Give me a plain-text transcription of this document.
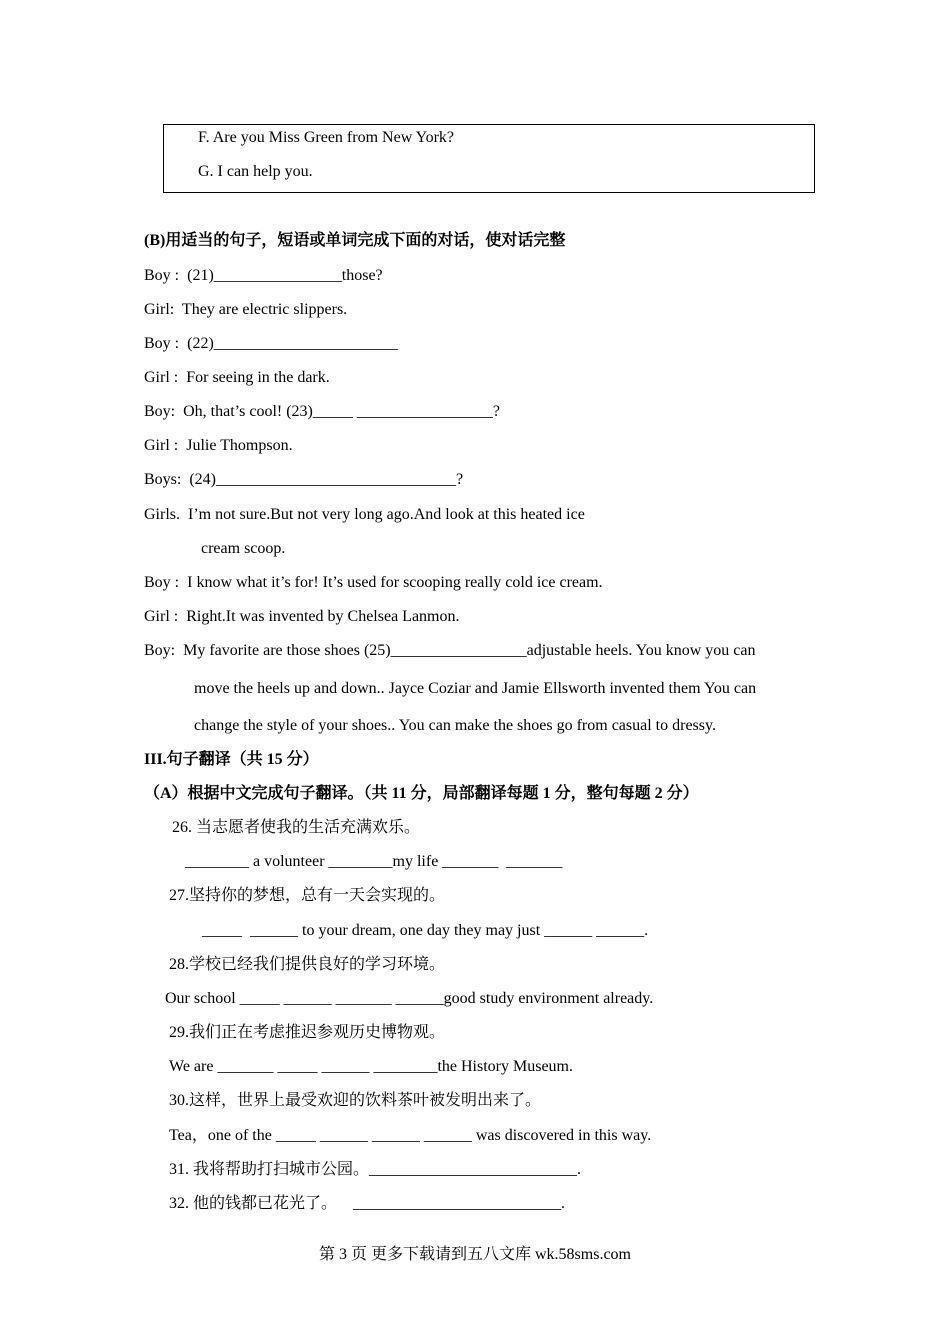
F. Are you Miss Green from New York?
G. I can help you.
(B)用适当的句子，短语或单词完成下面的对话，使对话完整
Boy :  (21)________________those?
Girl:  They are electric slippers.
Boy :  (22)_______________________
Girl :  For seeing in the dark.
Boy:  Oh, that’s cool! (23)_____ _________________?
Girl :  Julie Thompson.
Boys:  (24)______________________________?
Girls.  I’m not sure.But not very long ago.And look at this heated ice
cream scoop.
Boy :  I know what it’s for! It’s used for scooping really cold ice cream.
Girl :  Right.It was invented by Chelsea Lanmon.
Boy:  My favorite are those shoes (25)_________________adjustable heels. You know you can
move the heels up and down.. Jayce Coziar and Jamie Ellsworth invented them You can
change the style of your shoes.. You can make the shoes go from casual to dressy.
III.句子翻译（共 15 分）
（A）根据中文完成句子翻译。（共 11 分，局部翻译每题 1 分，整句每题 2 分）
26. 当志愿者使我的生活充满欢乐。
________ a volunteer ________my life _______  _______
27.坚持你的梦想，总有一天会实现的。
_____  ______ to your dream, one day they may just ______ ______.
28.学校已经我们提供良好的学习环境。
Our school _____ ______ _______ ______good study environment already.
29.我们正在考虑推迟参观历史博物观。
We are _______ _____ ______ ________the History Museum.
30.这样，世界上最受欢迎的饮料茶叶被发明出来了。
Tea，one of the _____ ______ ______ ______ was discovered in this way.
31. 我将帮助打扫城市公园。__________________________.
32. 他的钱都已花光了。    __________________________.
第 3 页 更多下载请到五八文库 wk.58sms.com
